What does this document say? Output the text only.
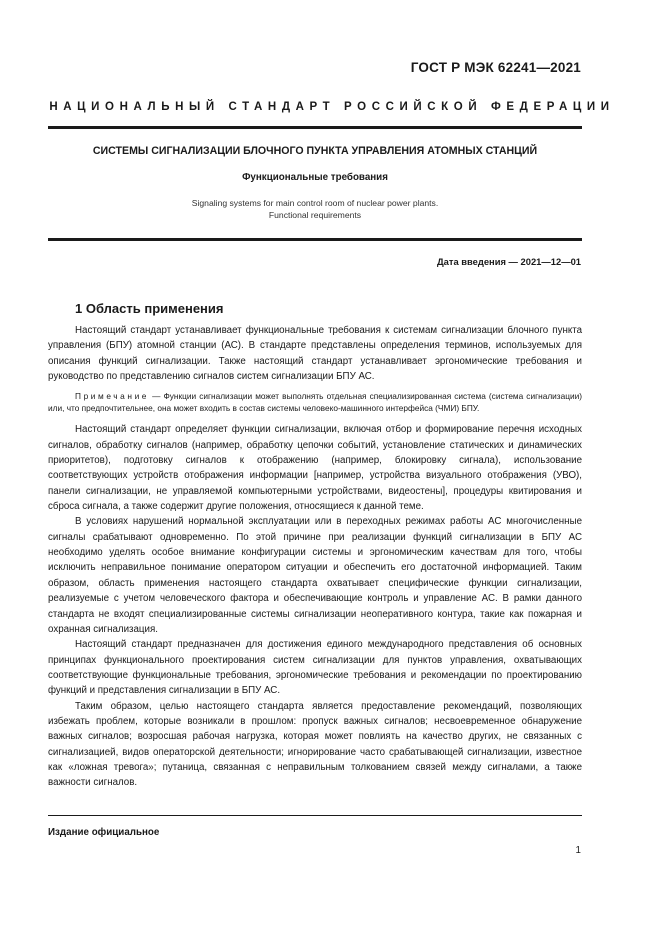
ГОСТ Р МЭК 62241—2021
НАЦИОНАЛЬНЫЙ СТАНДАРТ РОССИЙСКОЙ ФЕДЕРАЦИИ
СИСТЕМЫ СИГНАЛИЗАЦИИ БЛОЧНОГО ПУНКТА УПРАВЛЕНИЯ АТОМНЫХ СТАНЦИЙ
Функциональные требования
Signaling systems for main control room of nuclear power plants.
Functional requirements
Дата введения — 2021—12—01
1 Область применения

Настоящий стандарт устанавливает функциональные требования к системам сигнализации блочного пункта управления (БПУ) атомной станции (АС). В стандарте представлены определения терминов, используемых для описания функций сигнализации. Также настоящий стандарт устанавливает эргономические требования и руководство по представлению сигналов систем сигнализации БПУ АС.

Примечание — Функции сигнализации может выполнять отдельная специализированная система (система сигнализации) или, что предпочтительнее, она может входить в состав системы человеко-машинного интерфейса (ЧМИ) БПУ.

Настоящий стандарт определяет функции сигнализации, включая отбор и формирование перечня исходных сигналов, обработку сигналов (например, обработку цепочки событий, установление статических и динамических приоритетов), подготовку сигналов к отображению (например, блокировку сигнала), использование соответствующих устройств отображения информации [например, устройства визуального отображения (УВО), панели сигнализации, не управляемой компьютерными устройствами, видеостены], процедуры квитирования и сброса сигнала, а также содержит другие положения, относящиеся к данной теме.

В условиях нарушений нормальной эксплуатации или в переходных режимах работы АС многочисленные сигналы срабатывают одновременно. По этой причине при реализации функций сигнализации в БПУ АС необходимо уделять особое внимание конфигурации системы и эргономическим качествам для того, чтобы исключить неправильное понимание оператором ситуации и обеспечить его достаточной информацией. Таким образом, область применения настоящего стандарта охватывает специфические функции сигнализации, реализуемые с учетом человеческого фактора и обеспечивающие контроль и управление АС. В рамки данного стандарта не входят специализированные системы сигнализации неоперативного контура, такие как пожарная и охранная сигнализация.

Настоящий стандарт предназначен для достижения единого международного представления об основных принципах функционального проектирования систем сигнализации для пунктов управления, охватывающих соответствующие функциональные требования, эргономические требования и рекомендации по проектированию функций и представления сигнализации в БПУ АС.

Таким образом, целью настоящего стандарта является предоставление рекомендаций, позволяющих избежать проблем, которые возникали в прошлом: пропуск важных сигналов; несвоевременное обнаружение важных сигналов; возросшая рабочая нагрузка, которая может повлиять на качество других, не связанных с сигнализацией, видов операторской деятельности; игнорирование часто срабатывающей сигнализации, известное как «ложная тревога»; путаница, связанная с неправильным толкованием связей между сигналами, а также важности сигналов.

Издание официальное
1
